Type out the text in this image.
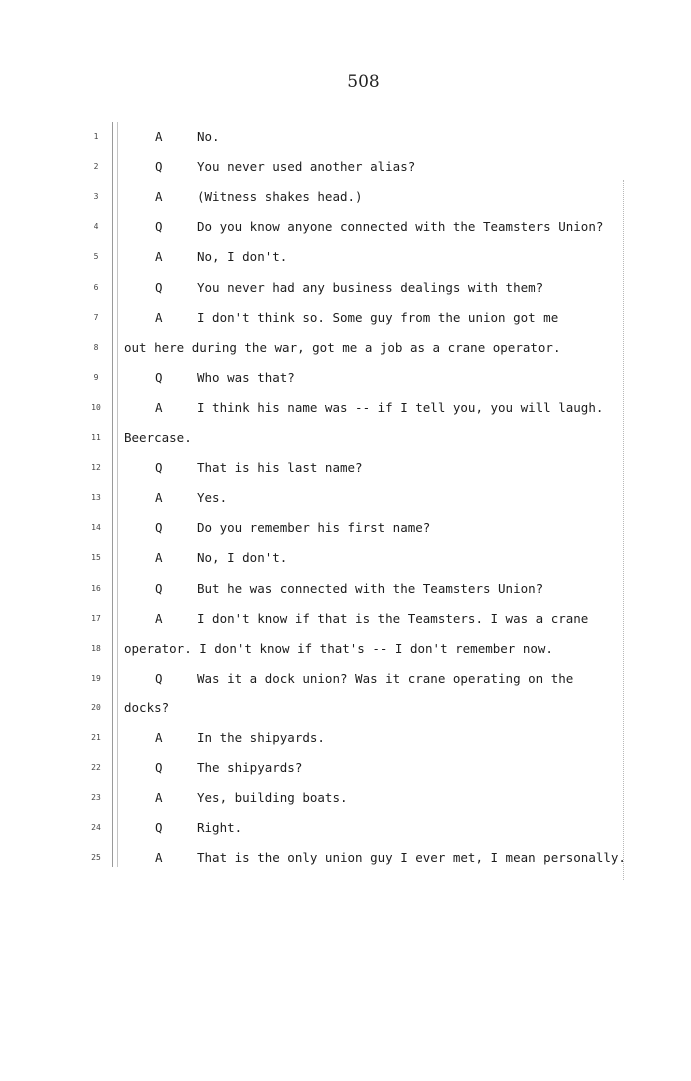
508
1	A	No.
2	Q	You never used another alias?
3	A	(Witness shakes head.)
4	Q	Do you know anyone connected with the Teamsters Union?
5	A	No, I don't.
6	Q	You never had any business dealings with them?
7	A	I don't think so. Some guy from the union got me
8	out here during the war, got me a job as a crane operator.
9	Q	Who was that?
10	A	I think his name was -- if I tell you, you will laugh.
11	Beercase.
12	Q	That is his last name?
13	A	Yes.
14	Q	Do you remember his first name?
15	A	No, I don't.
16	Q	But he was connected with the Teamsters Union?
17	A	I don't know if that is the Teamsters. I was a crane
18	operator. I don't know if that's -- I don't remember now.
19	Q	Was it a dock union? Was it crane operating on the
20	docks?
21	A	In the shipyards.
22	Q	The shipyards?
23	A	Yes, building boats.
24	Q	Right.
25	A	That is the only union guy I ever met, I mean personally.
